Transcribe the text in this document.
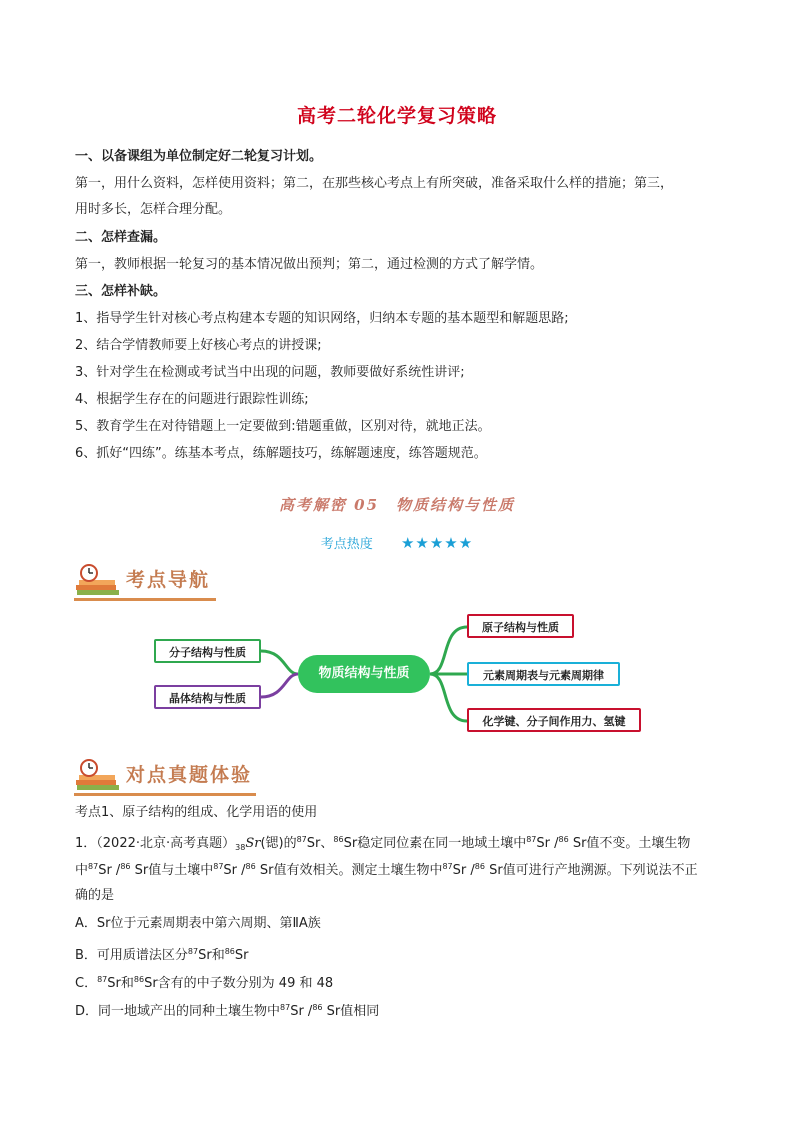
高考二轮化学复习策略
一、以备课组为单位制定好二轮复习计划。
第一，用什么资料，怎样使用资料；第二，在那些核心考点上有所突破，准备采取什么样的措施；第三，
用时多长，怎样合理分配。
二、怎样查漏。
第一，教师根据一轮复习的基本情况做出预判；第二，通过检测的方式了解学情。
三、怎样补缺。
1、指导学生针对核心考点构建本专题的知识网络，归纳本专题的基本题型和解题思路;
2、结合学情教师要上好核心考点的讲授课;
3、针对学生在检测或考试当中出现的问题，教师要做好系统性讲评;
4、根据学生存在的问题进行跟踪性训练;
5、教育学生在对待错题上一定要做到:错题重做，区别对待，就地正法。
6、抓好“四练”。练基本考点，练解题技巧，练解题速度，练答题规范。
高考解密 05　物质结构与性质
考点热度 ★★★★★
考点导航
分子结构与性质
晶体结构与性质
物质结构与性质
原子结构与性质
元素周期表与元素周期律
化学键、分子间作用力、氢键
对点真题体验
考点1、原子结构的组成、化学用语的使用
1．（2022·北京·高考真题）$_{38}Sr$(锶)的$^{87}$Sr、$^{86}$Sr稳定同位素在同一地域土壤中$^{87}$Sr /$^{86}$ Sr值不变。土壤生物
中$^{87}$Sr /$^{86}$ Sr值与土壤中$^{87}$Sr /$^{86}$ Sr值有效相关。测定土壤生物中$^{87}$Sr /$^{86}$ Sr值可进行产地溯源。下列说法不正
确的是
A．Sr位于元素周期表中第六周期、第ⅡA族
B．可用质谱法区分$^{87}$Sr和$^{86}$Sr
C．$^{87}$Sr和$^{86}$Sr含有的中子数分别为 49 和 48
D．同一地域产出的同种土壤生物中$^{87}$Sr /$^{86}$ Sr值相同
